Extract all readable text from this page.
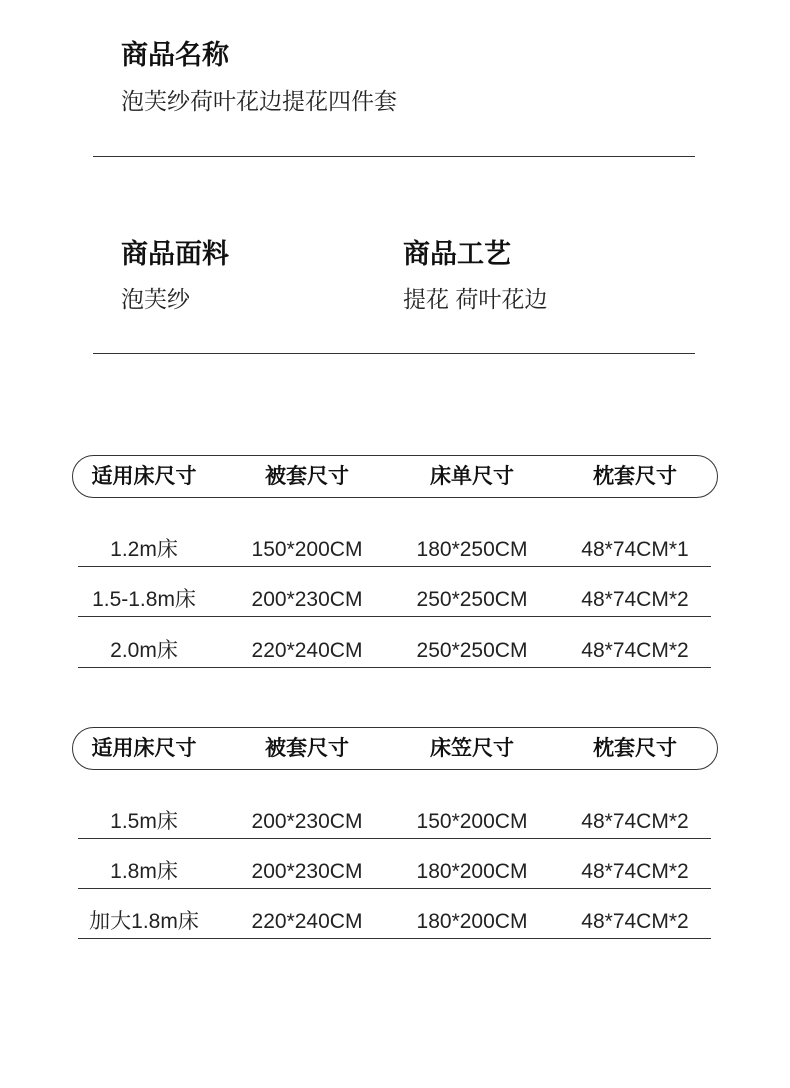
商品名称
泡芙纱荷叶花边提花四件套
商品面料
泡芙纱
商品工艺
提花 荷叶花边
适用床尺寸	被套尺寸	床单尺寸	枕套尺寸
1.2m床	150*200CM	180*250CM	48*74CM*1
1.5-1.8m床	200*230CM	250*250CM	48*74CM*2
2.0m床	220*240CM	250*250CM	48*74CM*2
适用床尺寸	被套尺寸	床笠尺寸	枕套尺寸
1.5m床	200*230CM	150*200CM	48*74CM*2
1.8m床	200*230CM	180*200CM	48*74CM*2
加大1.8m床	220*240CM	180*200CM	48*74CM*2
